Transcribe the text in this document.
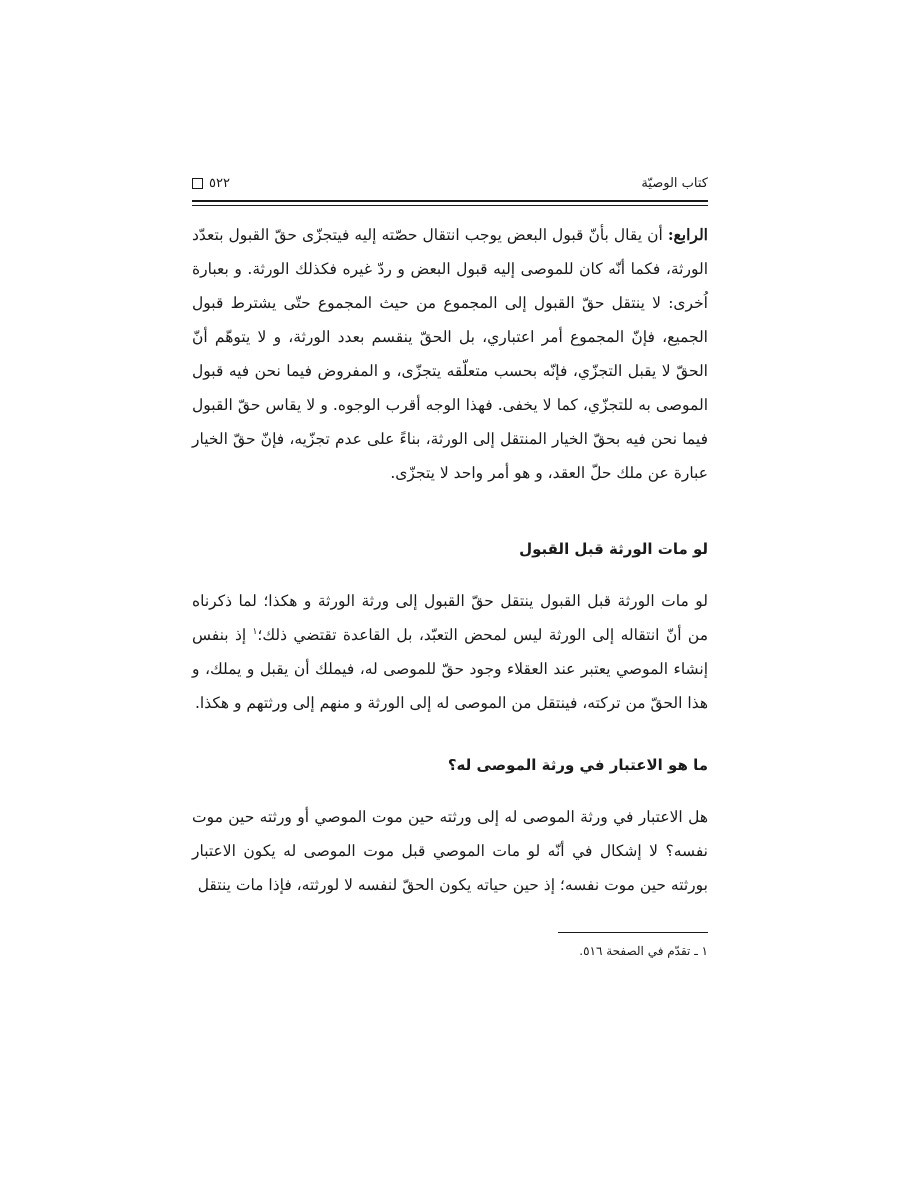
كتاب الوصيّة
٥٢٢

الرابع: أن يقال بأنّ قبول البعض يوجب انتقال حصّته إليه فيتجزّى حقّ القبول بتعدّد الورثة، فكما أنّه كان للموصى إليه قبول البعض و ردّ غيره فكذلك الورثة. و بعبارة اُخرى: لا ينتقل حقّ القبول إلى المجموع من حيث المجموع حتّى يشترط قبول الجميع، فإنّ المجموع أمر اعتباري، بل الحقّ ينقسم بعدد الورثة، و لا يتوهّم أنّ الحقّ لا يقبل التجزّي، فإنّه بحسب متعلّقه يتجزّى، و المفروض فيما نحن فيه قبول الموصى به للتجزّي، كما لا يخفى. فهذا الوجه أقرب الوجوه. و لا يقاس حقّ القبول فيما نحن فيه بحقّ الخيار المنتقل إلى الورثة، بناءً على عدم تجزّيه، فإنّ حقّ الخيار عبارة عن ملك حلّ العقد، و هو أمر واحد لا يتجزّى.

لو مات الورثة قبل القبول

لو مات الورثة قبل القبول ينتقل حقّ القبول إلى ورثة الورثة و هكذا؛ لما ذكرناه من أنّ انتقاله إلى الورثة ليس لمحض التعبّد، بل القاعدة تقتضي ذلك؛$^١$ إذ بنفس إنشاء الموصي يعتبر عند العقلاء وجود حقّ للموصى له، فيملك أن يقبل و يملك، و هذا الحقّ من تركته، فينتقل من الموصى له إلى الورثة و منهم إلى ورثتهم و هكذا.

ما هو الاعتبار في ورثة الموصى له؟

هل الاعتبار في ورثة الموصى له إلى ورثته حين موت الموصي أو ورثته حين موت نفسه؟ لا إشكال في أنّه لو مات الموصي قبل موت الموصى له يكون الاعتبار بورثته حين موت نفسه؛ إذ حين حياته يكون الحقّ لنفسه لا لورثته، فإذا مات ينتقل

١ ـ تقدّم في الصفحة ٥١٦.
